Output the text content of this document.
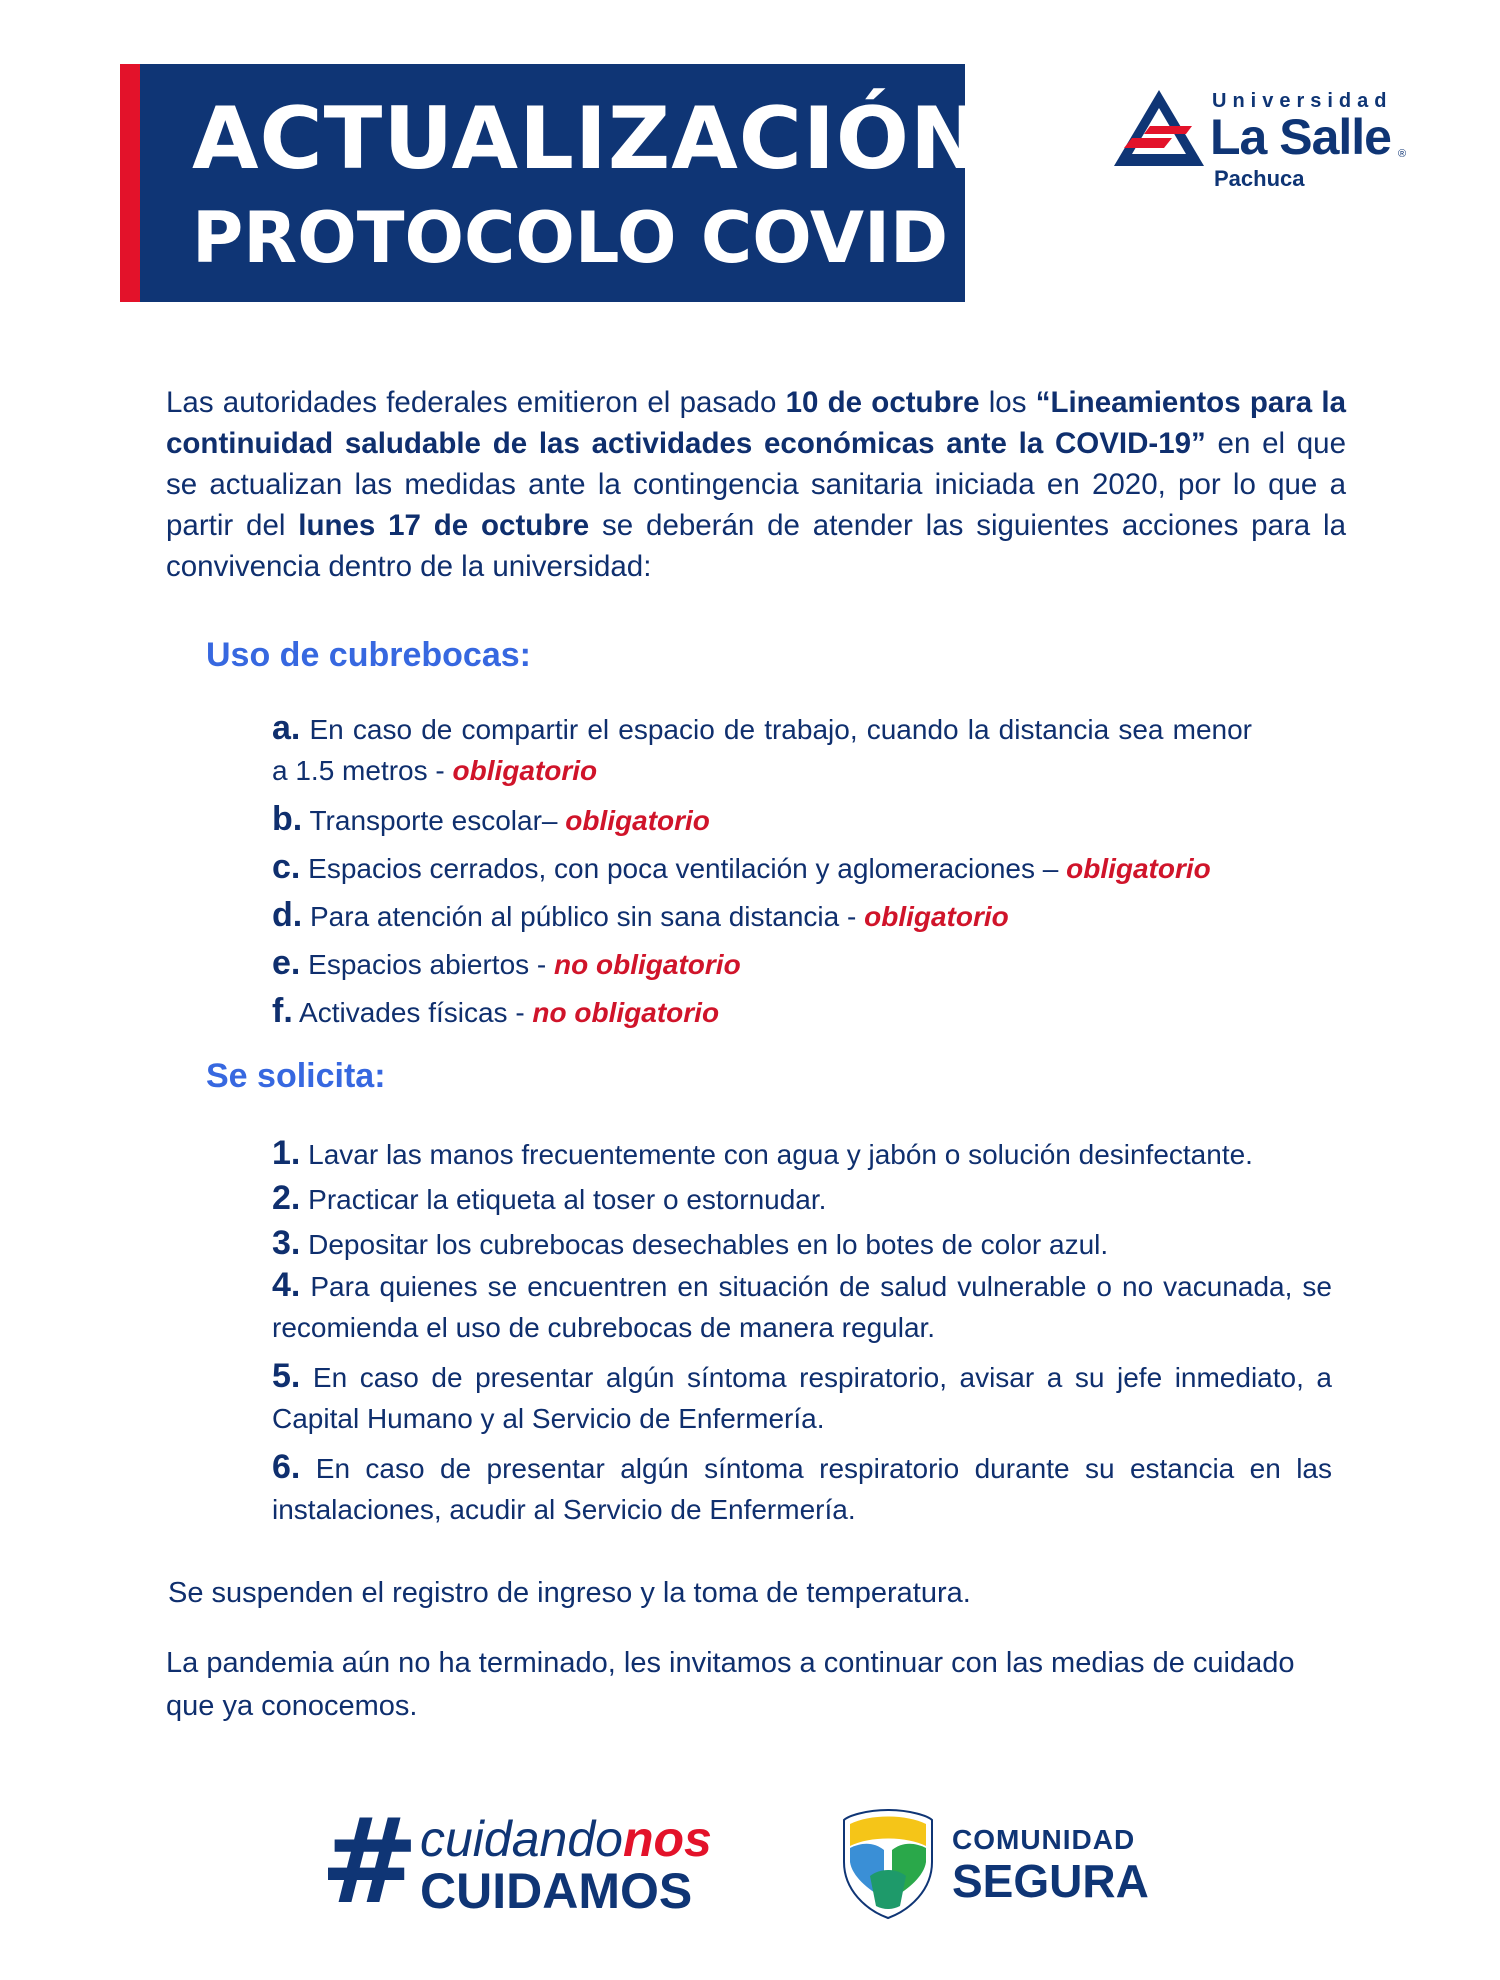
ACTUALIZACIÓN
PROTOCOLO COVID
Universidad
La Salle ®
Pachuca

Las autoridades federales emitieron el pasado 10 de octubre los “Lineamientos para la continuidad saludable de las actividades económicas ante la COVID-19” en el que se actualizan las medidas ante la contingencia sanitaria iniciada en 2020, por lo que a partir del lunes 17 de octubre se deberán de atender las siguientes acciones para la convivencia dentro de la universidad:

Uso de cubrebocas:
a. En caso de compartir el espacio de trabajo, cuando la distancia sea menor a 1.5 metros - obligatorio
b. Transporte escolar– obligatorio
c. Espacios cerrados, con poca ventilación y aglomeraciones – obligatorio
d. Para atención al público sin sana distancia - obligatorio
e. Espacios abiertos - no obligatorio
f. Activades físicas - no obligatorio
Se solicita:
1. Lavar las manos frecuentemente con agua y jabón o solución desinfectante.
2. Practicar la etiqueta al toser o estornudar.
3. Depositar los cubrebocas desechables en lo botes de color azul.
4. Para quienes se encuentren en situación de salud vulnerable o no vacunada, se recomienda el uso de cubrebocas de manera regular.
5. En caso de presentar algún síntoma respiratorio, avisar a su jefe inmediato, a Capital Humano y al Servicio de Enfermería.
6. En caso de presentar algún síntoma respiratorio durante su estancia en las instalaciones, acudir al Servicio de Enfermería.

Se suspenden el registro de ingreso y la toma de temperatura.

La pandemia aún no ha terminado, les invitamos a continuar con las medias de cuidado que ya conocemos.

# cuidandonos
CUIDAMOS
COMUNIDAD
SEGURA
